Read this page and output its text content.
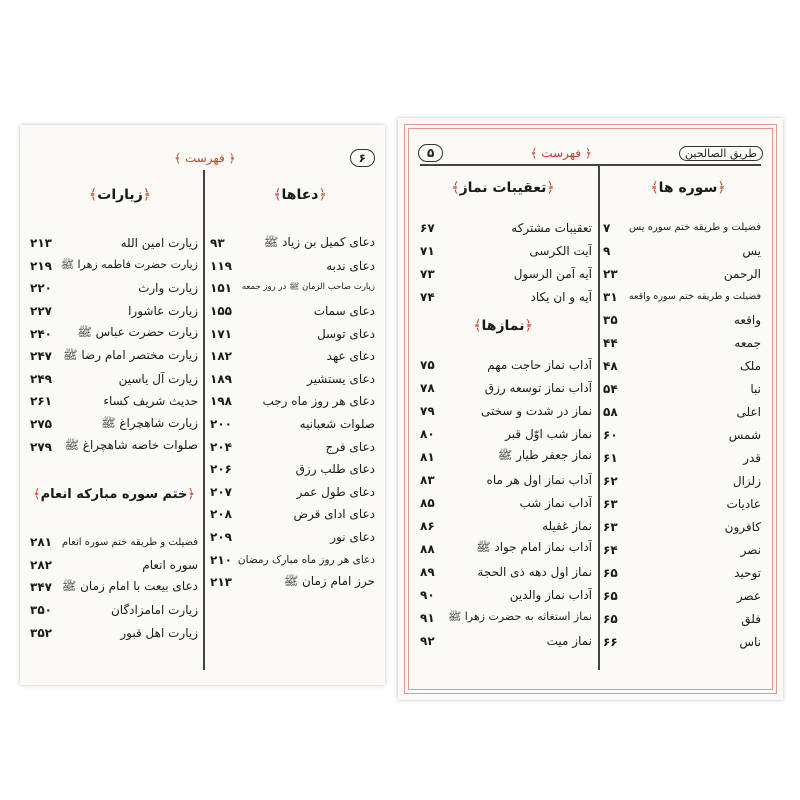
۶
﴿ فهرست ﴾
﴿دعاها﴾
دعای کمیل بن زیاد ﷺ
۹۳
دعای ندبه
۱۱۹
زیارت صاحب الزمان ﷺ در روز جمعه
۱۵۱
دعای سمات
۱۵۵
دعای توسل
۱۷۱
دعای عهد
۱۸۲
دعای یستشیر
۱۸۹
دعای هر روز ماه رجب
۱۹۸
صلوات شعبانیه
۲۰۰
دعای فرج
۲۰۴
دعای طلب رزق
۲۰۶
دعای طول عمر
۲۰۷
دعای ادای قرض
۲۰۸
دعای نور
۲۰۹
دعای هر روز ماه مبارک رمضان
۲۱۰
حرز امام زمان ﷺ
۲۱۳
﴿زیارات﴾
زیارت امین الله
۲۱۳
زیارت حضرت فاطمه زهرا ﷺ
۲۱۹
زیارت وارث
۲۲۰
زیارت عاشورا
۲۲۷
زیارت حضرت عباس ﷺ
۲۴۰
زیارت مختصر امام رضا ﷺ
۲۴۷
زیارت آل یاسین
۲۴۹
حدیث شریف کساء
۲۶۱
زیارت شاهچراغ ﷺ
۲۷۵
صلوات خاصه شاهچراغ ﷺ
۲۷۹
﴿ختم سوره مبارکه انعام﴾
فضیلت و طریقه ختم سوره انعام
۲۸۱
سوره انعام
۲۸۲
دعای بیعت با امام زمان ﷺ
۳۴۷
زیارت امامزادگان
۳۵۰
زیارت اهل قبور
۳۵۲
طریق الصالحین
﴿ فهرست ﴾
۵
﴿سوره ها﴾
فضیلت و طریقه ختم سوره یس
۷
یس
۹
الرحمن
۲۳
فضیلت و طریقه ختم سوره واقعه
۳۱
واقعه
۳۵
جمعه
۴۴
ملک
۴۸
نبا
۵۴
اعلی
۵۸
شمس
۶۰
قدر
۶۱
زلزال
۶۲
عادیات
۶۳
کافرون
۶۳
نصر
۶۴
توحید
۶۵
عصر
۶۵
فلق
۶۵
ناس
۶۶
﴿تعقیبات نماز﴾
تعقیبات مشترکه
۶۷
آیت الکرسی
۷۱
آیه آمن الرسول
۷۳
آیه و ان یکاد
۷۴
﴿نمازها﴾
آداب نماز حاجت مهم
۷۵
آداب نماز توسعه رزق
۷۸
نماز در شدت و سختی
۷۹
نماز شب اوّل قبر
۸۰
نماز جعفر طیار ﷺ
۸۱
آداب نماز اول هر ماه
۸۳
آداب نماز شب
۸۵
نماز غفیله
۸۶
آداب نماز امام جواد ﷺ
۸۸
نماز اول دهه ذی الحجة
۸۹
آداب نماز والدین
۹۰
نماز استغاثه به حضرت زهرا ﷺ
۹۱
نماز میت
۹۲
